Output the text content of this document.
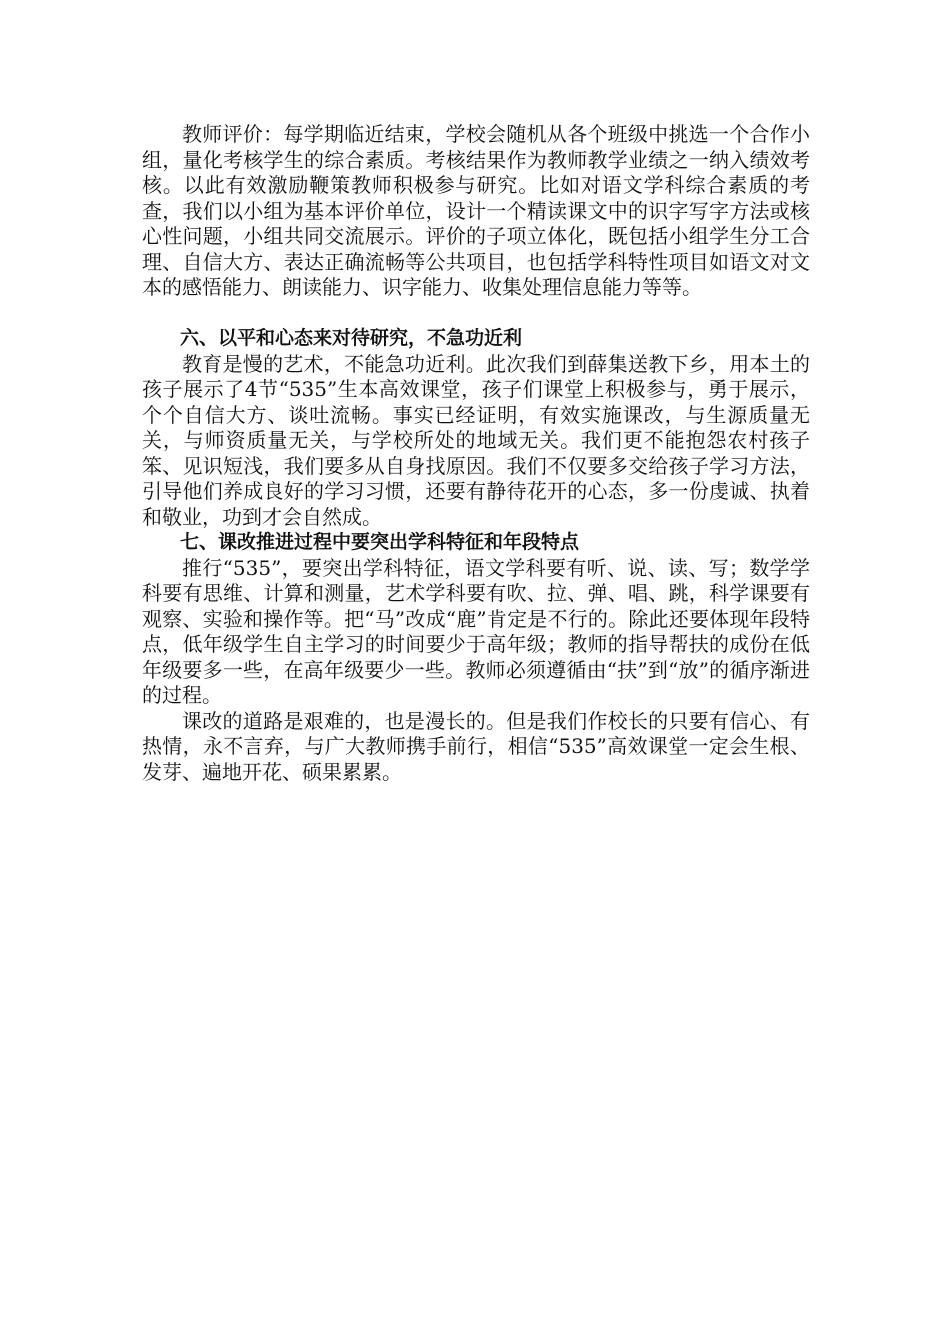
教师评价：每学期临近结束，学校会随机从各个班级中挑选一个合作小组，量化考核学生的综合素质。考核结果作为教师教学业绩之一纳入绩效考核。以此有效激励鞭策教师积极参与研究。比如对语文学科综合素质的考查，我们以小组为基本评价单位，设计一个精读课文中的识字写字方法或核心性问题，小组共同交流展示。评价的子项立体化，既包括小组学生分工合理、自信大方、表达正确流畅等公共项目，也包括学科特性项目如语文对文本的感悟能力、朗读能力、识字能力、收集处理信息能力等等。

六、以平和心态来对待研究，不急功近利

教育是慢的艺术，不能急功近利。此次我们到薛集送教下乡，用本土的孩子展示了4节“535”生本高效课堂，孩子们课堂上积极参与，勇于展示，个个自信大方、谈吐流畅。事实已经证明，有效实施课改，与生源质量无关，与师资质量无关，与学校所处的地域无关。我们更不能抱怨农村孩子笨、见识短浅，我们要多从自身找原因。我们不仅要多交给孩子学习方法，引导他们养成良好的学习习惯，还要有静待花开的心态，多一份虔诚、执着和敬业，功到才会自然成。

七、课改推进过程中要突出学科特征和年段特点

推行“535”，要突出学科特征，语文学科要有听、说、读、写；数学学科要有思维、计算和测量，艺术学科要有吹、拉、弹、唱、跳，科学课要有观察、实验和操作等。把“马”改成“鹿”肯定是不行的。除此还要体现年段特点，低年级学生自主学习的时间要少于高年级；教师的指导帮扶的成份在低年级要多一些，在高年级要少一些。教师必须遵循由“扶”到“放”的循序渐进的过程。

课改的道路是艰难的，也是漫长的。但是我们作校长的只要有信心、有热情，永不言弃，与广大教师携手前行，相信“535”高效课堂一定会生根、发芽、遍地开花、硕果累累。
